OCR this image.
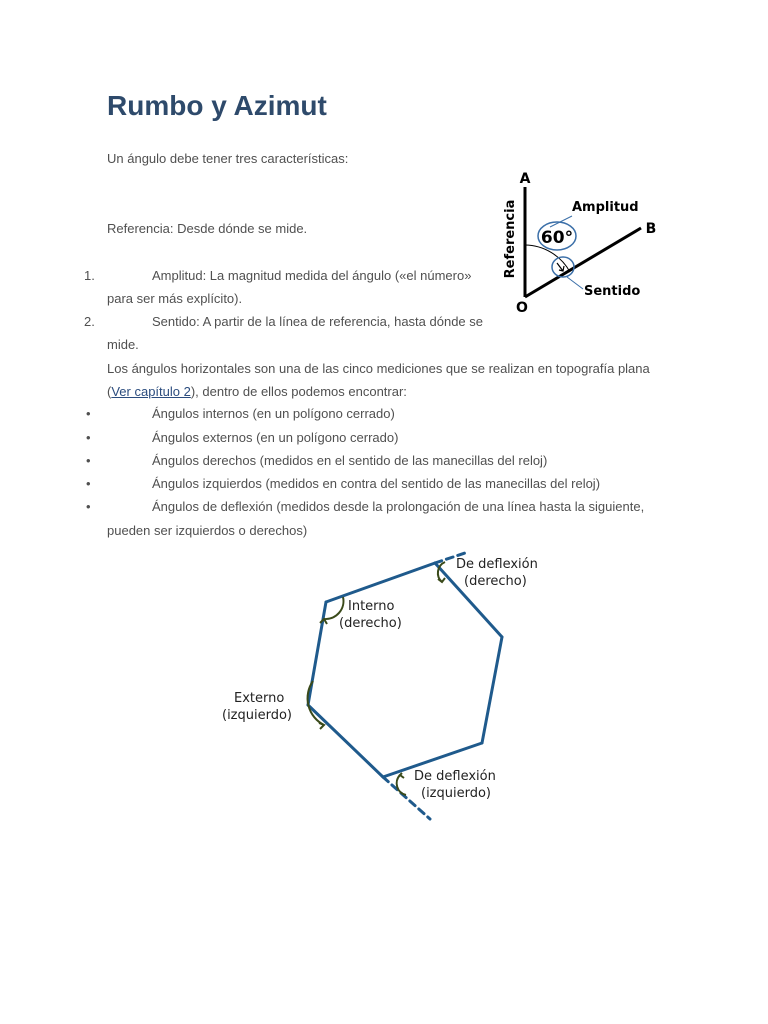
Rumbo y Azimut
Un ángulo debe tener tres características:
Referencia: Desde dónde se mide.
1.	Amplitud: La magnitud medida del ángulo («el número»
para ser más explícito).
2.	Sentido: A partir de la línea de referencia, hasta dónde se
mide.
Los ángulos horizontales son una de las cinco mediciones que se realizan en topografía plana
(Ver capítulo 2), dentro de ellos podemos encontrar:
•	Ángulos internos (en un polígono cerrado)
•	Ángulos externos (en un polígono cerrado)
•	Ángulos derechos (medidos en el sentido de las manecillas del reloj)
•	Ángulos izquierdos (medidos en contra del sentido de las manecillas del reloj)
•	Ángulos de deflexión (medidos desde la prolongación de una línea hasta la siguiente,
pueden ser izquierdos o derechos)
60°
A
B
O
Amplitud
Sentido
Referencia
De deflexión
(derecho)
Interno
(derecho)
Externo
(izquierdo)
De deflexión
(izquierdo)
